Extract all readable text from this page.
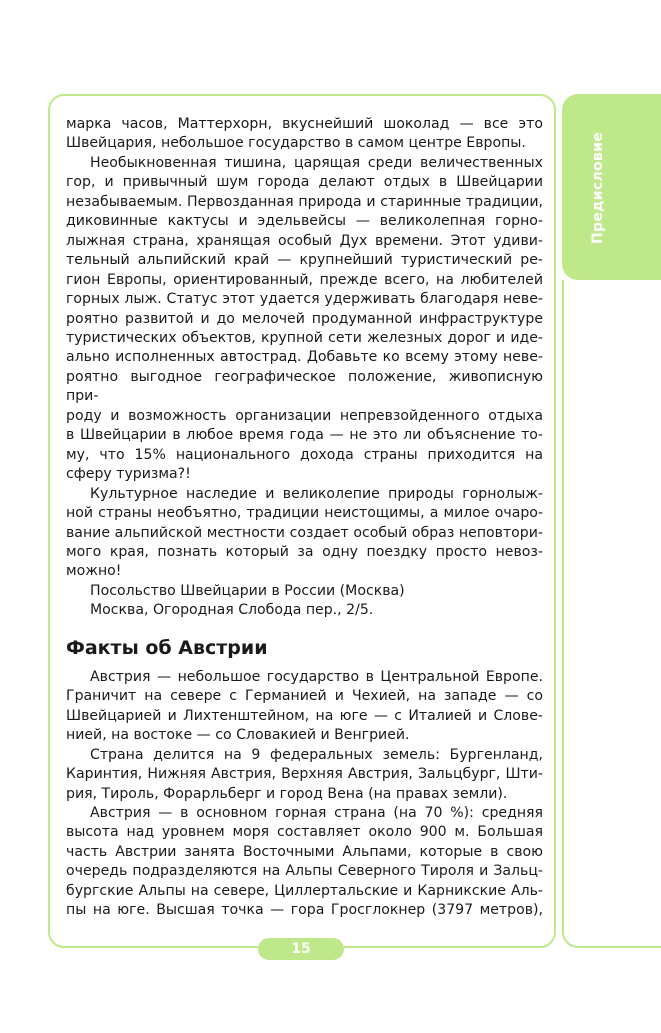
Предисловие

марка часов, Маттерхорн, вкуснейший шоколад — все это

Швейцария, небольшое государство в самом центре Европы.

Необыкновенная тишина, царящая среди величественных

гор, и привычный шум города делают отдых в Швейцарии

незабываемым. Первозданная природа и старинные традиции,

диковинные кактусы и эдельвейсы — великолепная горно-

лыжная страна, хранящая особый Дух времени. Этот удиви-

тельный альпийский край — крупнейший туристический ре-

гион Европы, ориентированный, прежде всего, на любителей

горных лыж. Статус этот удается удерживать благодаря неве-

роятно развитой и до мелочей продуманной инфраструктуре

туристических объектов, крупной сети железных дорог и иде-

ально исполненных автострад. Добавьте ко всему этому неве-

роятно выгодное географическое положение, живописную при-

роду и возможность организации непревзойденного отдыха

в Швейцарии в любое время года — не это ли объяснение то-

му, что 15% национального дохода страны приходится на

сферу туризма?!

Культурное наследие и великолепие природы горнолыж-

ной страны необъятно, традиции неистощимы, а милое очаро-

вание альпийской местности создает особый образ неповтори-

мого края, познать который за одну поездку просто невоз-

можно!

Посольство Швейцарии в России (Москва)

Москва, Огородная Слобода пер., 2/5.

Факты об Австрии

Австрия — небольшое государство в Центральной Европе.

Граничит на севере с Германией и Чехией, на западе — со

Швейцарией и Лихтенштейном, на юге — с Италией и Слове-

нией, на востоке — со Словакией и Венгрией.

Страна делится на 9 федеральных земель: Бургенланд,

Каринтия, Нижняя Австрия, Верхняя Австрия, Зальцбург, Шти-

рия, Тироль, Форарльберг и город Вена (на правах земли).

Австрия — в основном горная страна (на 70 %): средняя

высота над уровнем моря составляет около 900 м. Большая

часть Австрии занята Восточными Альпами, которые в свою

очередь подразделяются на Альпы Северного Тироля и Зальц-

бургские Альпы на севере, Циллертальские и Карникские Аль-

пы на юге. Высшая точка — гора Гросглокнер (3797 метров),

15
